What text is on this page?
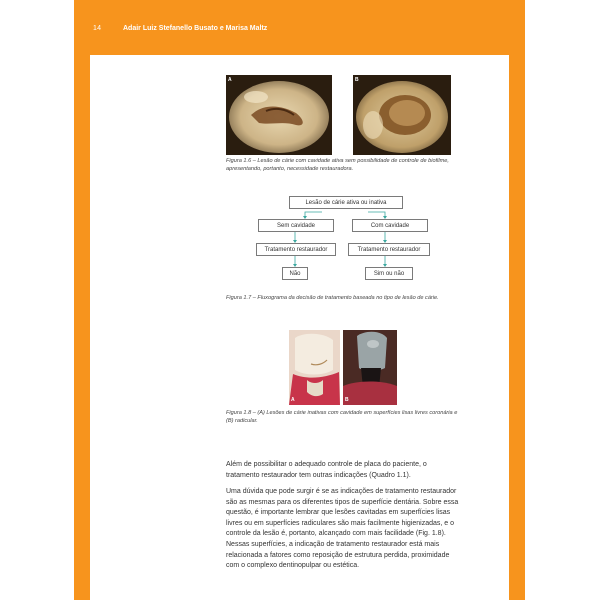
14	Adair Luiz Stefanello Busato e Marisa Maltz
A	B

Figura 1.6 – Lesão de cárie com cavidade ativa sem possibilidade de controle de biofilme, apresentando, portanto, necessidade restauradora.

Lesão de cárie ativa ou inativa
Sem cavidade	Com cavidade
Tratamento restaurador	Tratamento restaurador
Não	Sim ou não

Figura 1.7 – Fluxograma da decisão de tratamento baseada no tipo de lesão de cárie.

A	B

Figura 1.8 – (A) Lesões de cárie inativas com cavidade em superfícies lisas livres coronária e (B) radicular.

Além de possibilitar o adequado controle de placa do paciente, o tratamento restaurador tem outras indicações (Quadro 1.1).

Uma dúvida que pode surgir é se as indicações de tratamento restaurador são as mesmas para os diferentes tipos de superfície dentária. Sobre essa questão, é importante lembrar que lesões cavitadas em superfícies lisas livres ou em superfícies radiculares são mais facilmente higienizadas, e o controle da lesão é, portanto, alcançado com mais facilidade (Fig. 1.8). Nessas superfícies, a indicação de tratamento restaurador está mais relacionada a fatores como reposição de estrutura perdida, proximidade com o complexo dentinopulpar ou estética.
